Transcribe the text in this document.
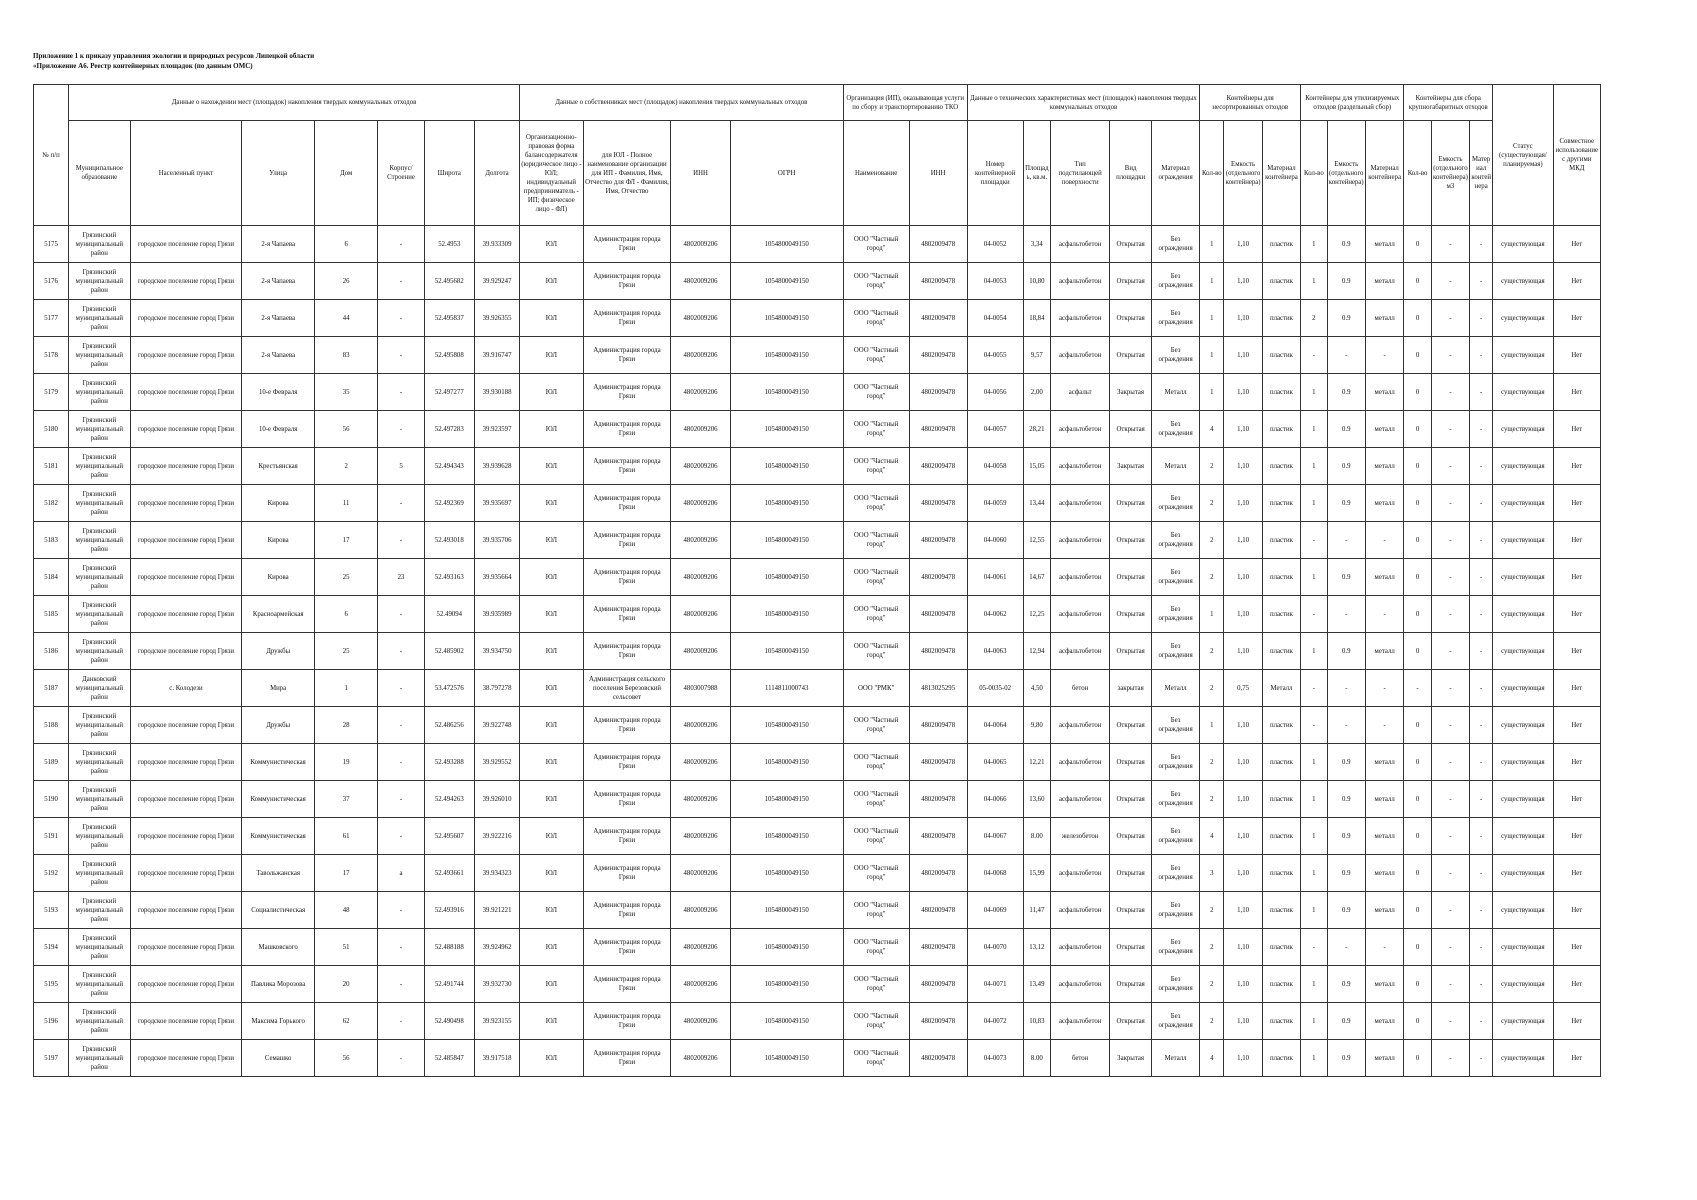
Приложение 1 к приказу управления экологии и природных ресурсов Липецкой области
«Приложение А6. Реестр контейнерных площадок (по данным ОМС)
№ п/п	Данные о нахождении мест (площадок) накопления твердых коммунальных отходов							Данные о собственниках мест (площадок) накопления твердых коммунальных отходов				Организация (ИП), оказывающая услуги по сбору и транспортированию ТКО		Данные о технических характеристиках мест (площадок) накопления твердых коммунальных отходов					Контейнеры для несортированных отходов			Контейнеры для утилизируемых отходов (раздельный сбор)			Контейнеры для сбора крупногабаритных отходов			Статус (существующая/планируемая)	Совместное использование с другими МКД
	Муниципальное образование	Населенный пункт	Улица	Дом	Корпус/Строение	Широта	Долгота	Организационно-правовая форма балансодержателя (юридическое лицо - ЮЛ; индивидуальный предприниматель - ИП; физическое лицо - ФЛ)	для ЮЛ - Полное наименование организации для ИП - Фамилия, Имя, Отчество для ФЛ - Фамилия, Имя, Отчество	ИНН	ОГРН	Наименование	ИНН	Номер контейнерной площадки	Площадь, кв.м.	Тип подстилающей поверхности	Вид площадки	Материал ограждения	Кол-во	Емкость (отдельного контейнера)	Материал контейнера	Кол-во	Емкость (отдельного контейнера)	Материал контейнера	Кол-во	Емкость (отдельного контейнера) м3	Материал контейнера		
5175	Грязинский муниципальный район	городское поселение город Грязи	2-я Чапаева	6	-	52.4953	39.933309	ЮЛ	Администрация города Грязи	4802009206	1054800049150	ООО "Частный город"	4802009478	04-0052	3,34	асфальтобетон	Открытая	Без ограждения	1	1,10	пластик	1	0.9	металл	0	-	-	существующая	Нет
5176	Грязинский муниципальный район	городское поселение город Грязи	2-я Чапаева	26	-	52.495682	39.929247	ЮЛ	Администрация города Грязи	4802009206	1054800049150	ООО "Частный город"	4802009478	04-0053	10,80	асфальтобетон	Открытая	Без ограждения	1	1,10	пластик	1	0.9	металл	0	-	-	существующая	Нет
5177	Грязинский муниципальный район	городское поселение город Грязи	2-я Чапаева	44	-	52.495837	39.926355	ЮЛ	Администрация города Грязи	4802009206	1054800049150	ООО "Частный город"	4802009478	04-0054	18,84	асфальтобетон	Открытая	Без ограждения	1	1,10	пластик	2	0.9	металл	0	-	-	существующая	Нет
5178	Грязинский муниципальный район	городское поселение город Грязи	2-я Чапаева	83	-	52.495808	39.916747	ЮЛ	Администрация города Грязи	4802009206	1054800049150	ООО "Частный город"	4802009478	04-0055	9,57	асфальтобетон	Открытая	Без ограждения	1	1,10	пластик	-	-	-	0	-	-	существующая	Нет
5179	Грязинский муниципальный район	городское поселение город Грязи	10-е Февраля	35	-	52.497277	39.930188	ЮЛ	Администрация города Грязи	4802009206	1054800049150	ООО "Частный город"	4802009478	04-0056	2,00	асфальт	Закрытая	Металл	1	1,10	пластик	1	0.9	металл	0	-	-	существующая	Нет
5180	Грязинский муниципальный район	городское поселение город Грязи	10-е Февраля	56	-	52.497283	39.923597	ЮЛ	Администрация города Грязи	4802009206	1054800049150	ООО "Частный город"	4802009478	04-0057	28,21	асфальтобетон	Открытая	Без ограждения	4	1,10	пластик	1	0.9	металл	0	-	-	существующая	Нет
5181	Грязинский муниципальный район	городское поселение город Грязи	Крестьянская	2	5	52.494343	39.939628	ЮЛ	Администрация города Грязи	4802009206	1054800049150	ООО "Частный город"	4802009478	04-0058	15,05	асфальтобетон	Закрытая	Металл	2	1,10	пластик	1	0.9	металл	0	-	-	существующая	Нет
5182	Грязинский муниципальный район	городское поселение город Грязи	Кирова	11	-	52.492369	39.935697	ЮЛ	Администрация города Грязи	4802009206	1054800049150	ООО "Частный город"	4802009478	04-0059	13,44	асфальтобетон	Открытая	Без ограждения	2	1,10	пластик	1	0.9	металл	0	-	-	существующая	Нет
5183	Грязинский муниципальный район	городское поселение город Грязи	Кирова	17	-	52.493018	39.935706	ЮЛ	Администрация города Грязи	4802009206	1054800049150	ООО "Частный город"	4802009478	04-0060	12,55	асфальтобетон	Открытая	Без ограждения	2	1,10	пластик	-	-	-	0	-	-	существующая	Нет
5184	Грязинский муниципальный район	городское поселение город Грязи	Кирова	25	23	52.493163	39.935664	ЮЛ	Администрация города Грязи	4802009206	1054800049150	ООО "Частный город"	4802009478	04-0061	14,67	асфальтобетон	Открытая	Без ограждения	2	1,10	пластик	1	0.9	металл	0	-	-	существующая	Нет
5185	Грязинский муниципальный район	городское поселение город Грязи	Красноармейская	6	-	52.49094	39.935989	ЮЛ	Администрация города Грязи	4802009206	1054800049150	ООО "Частный город"	4802009478	04-0062	12,25	асфальтобетон	Открытая	Без ограждения	1	1,10	пластик	-	-	-	0	-	-	существующая	Нет
5186	Грязинский муниципальный район	городское поселение город Грязи	Дружбы	25	-	52.485902	39.934750	ЮЛ	Администрация города Грязи	4802009206	1054800049150	ООО "Частный город"	4802009478	04-0063	12,94	асфальтобетон	Открытая	Без ограждения	2	1,10	пластик	1	0.9	металл	0	-	-	существующая	Нет
5187	Данковский муниципальный район	с. Колодези	Мира	1	-	53.472576	38.797278	ЮЛ	Администрация сельского поселения Березовский сельсовет	4803007988	1114811000743	ООО "РМК"	4813025295	05-0035-02	4,50	бетон	закрытая	Металл	2	0,75	Металл	-	-	-	-	-	-	существующая	Нет
5188	Грязинский муниципальный район	городское поселение город Грязи	Дружбы	28	-	52.486256	39.922748	ЮЛ	Администрация города Грязи	4802009206	1054800049150	ООО "Частный город"	4802009478	04-0064	9,80	асфальтобетон	Открытая	Без ограждения	1	1,10	пластик	-	-	-	0	-	-	существующая	Нет
5189	Грязинский муниципальный район	городское поселение город Грязи	Коммунистическая	19	-	52.493288	39.929552	ЮЛ	Администрация города Грязи	4802009206	1054800049150	ООО "Частный город"	4802009478	04-0065	12,21	асфальтобетон	Открытая	Без ограждения	2	1,10	пластик	1	0.9	металл	0	-	-	существующая	Нет
5190	Грязинский муниципальный район	городское поселение город Грязи	Коммунистическая	37	-	52.494263	39.926010	ЮЛ	Администрация города Грязи	4802009206	1054800049150	ООО "Частный город"	4802009478	04-0066	13,60	асфальтобетон	Открытая	Без ограждения	2	1,10	пластик	1	0.9	металл	0	-	-	существующая	Нет
5191	Грязинский муниципальный район	городское поселение город Грязи	Коммунистическая	61	-	52.495607	39.922216	ЮЛ	Администрация города Грязи	4802009206	1054800049150	ООО "Частный город"	4802009478	04-0067	8.00	железобетон	Открытая	Без ограждения	4	1,10	пластик	1	0.9	металл	0	-	-	существующая	Нет
5192	Грязинский муниципальный район	городское поселение город Грязи	Тавольжанская	17	а	52.493661	39.934323	ЮЛ	Администрация города Грязи	4802009206	1054800049150	ООО "Частный город"	4802009478	04-0068	15,99	асфальтобетон	Открытая	Без ограждения	3	1,10	пластик	1	0.9	металл	0	-	-	существующая	Нет
5193	Грязинский муниципальный район	городское поселение город Грязи	Социалистическая	48	-	52.493916	39.921221	ЮЛ	Администрация города Грязи	4802009206	1054800049150	ООО "Частный город"	4802009478	04-0069	11,47	асфальтобетон	Открытая	Без ограждения	2	1,10	пластик	1	0.9	металл	0	-	-	существующая	Нет
5194	Грязинский муниципальный район	городское поселение город Грязи	Машковского	51	-	52.488188	39.924962	ЮЛ	Администрация города Грязи	4802009206	1054800049150	ООО "Частный город"	4802009478	04-0070	13,12	асфальтобетон	Открытая	Без ограждения	2	1,10	пластик	-	-	-	0	-	-	существующая	Нет
5195	Грязинский муниципальный район	городское поселение город Грязи	Павлика Морозова	20	-	52.491744	39.932730	ЮЛ	Администрация города Грязи	4802009206	1054800049150	ООО "Частный город"	4802009478	04-0071	13,49	асфальтобетон	Открытая	Без ограждения	2	1,10	пластик	1	0.9	металл	0	-	-	существующая	Нет
5196	Грязинский муниципальный район	городское поселение город Грязи	Максима Горького	62	-	52.490498	39.923155	ЮЛ	Администрация города Грязи	4802009206	1054800049150	ООО "Частный город"	4802009478	04-0072	10,83	асфальтобетон	Открытая	Без ограждения	2	1,10	пластик	1	0.9	металл	0	-	-	существующая	Нет
5197	Грязинский муниципальный район	городское поселение город Грязи	Семашко	56	-	52.485847	39.917518	ЮЛ	Администрация города Грязи	4802009206	1054800049150	ООО "Частный город"	4802009478	04-0073	8.00	бетон	Закрытая	Металл	4	1,10	пластик	1	0.9	металл	0	-	-	существующая	Нет
